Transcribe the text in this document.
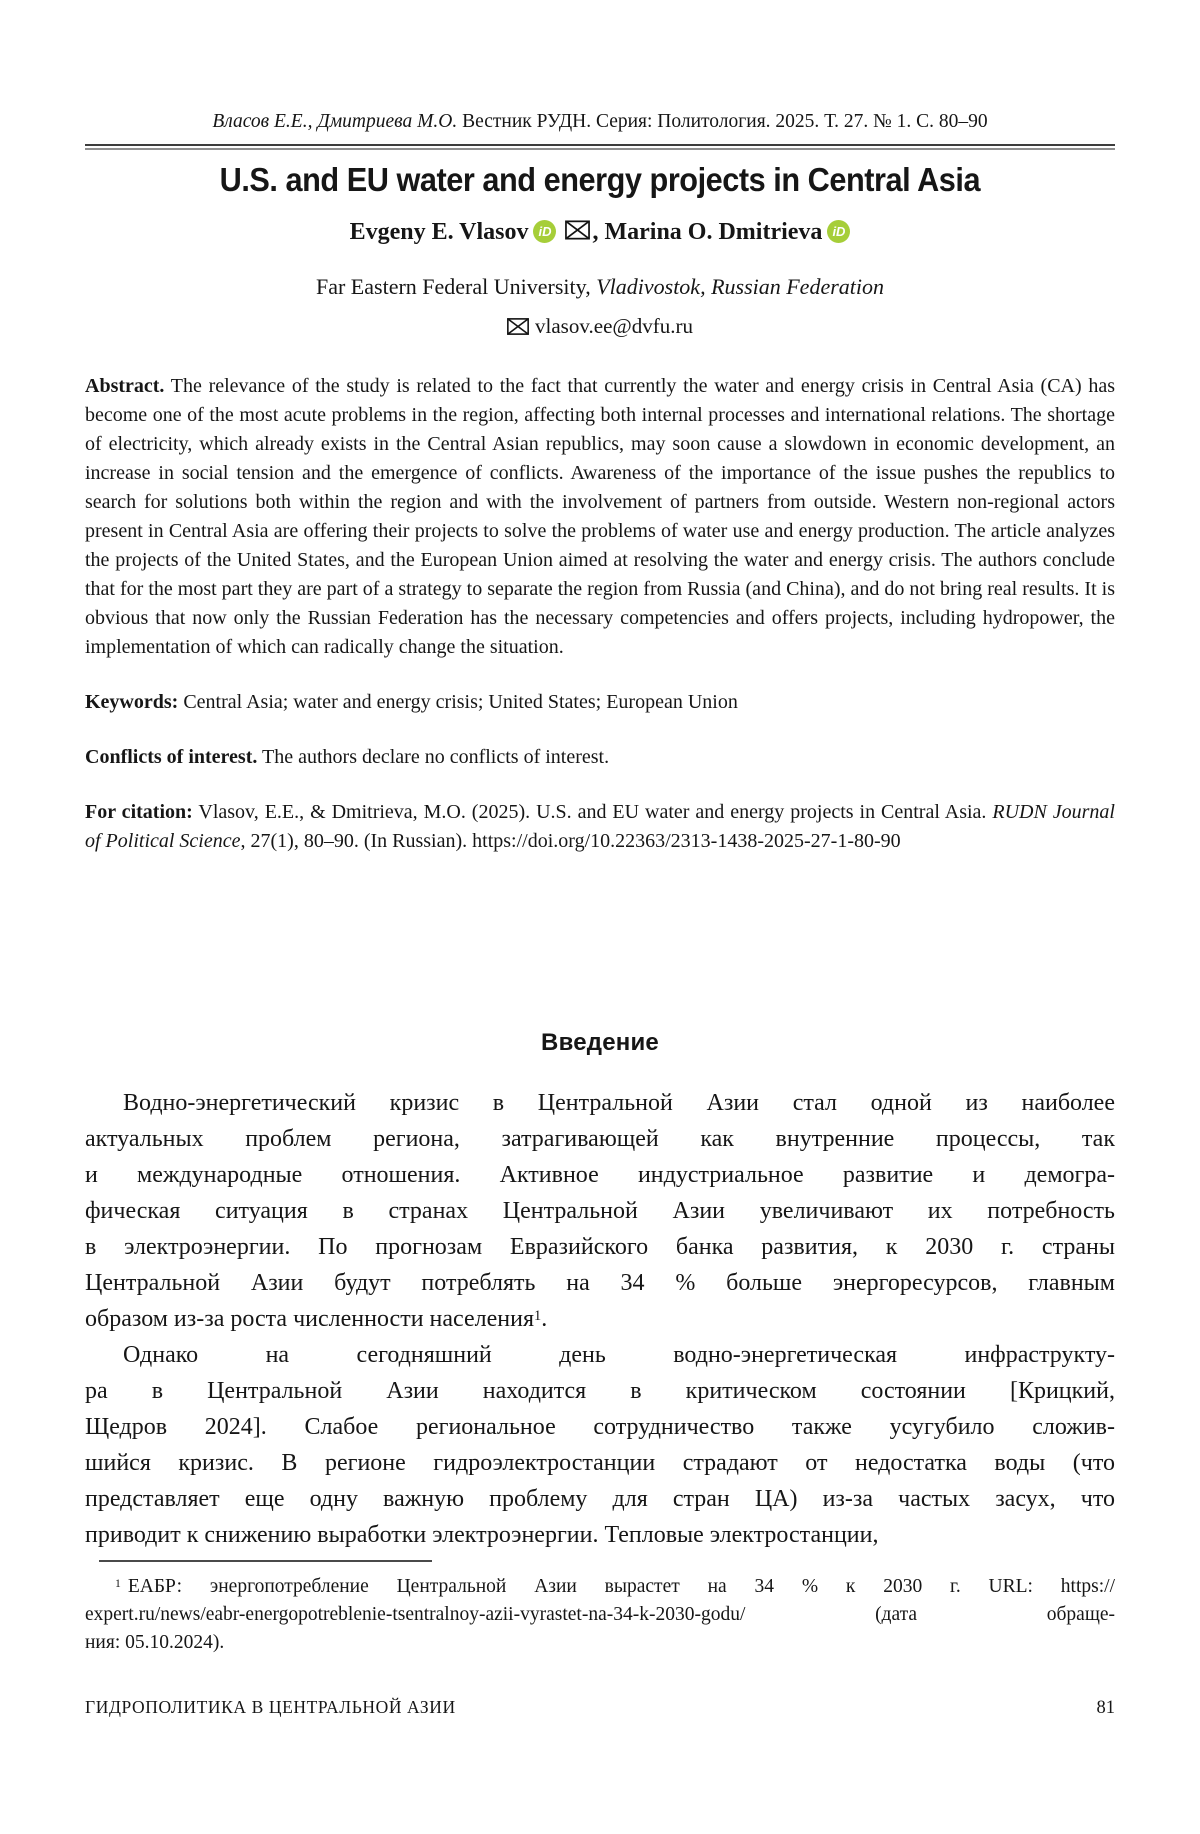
Власов Е.Е., Дмитриева М.О. Вестник РУДН. Серия: Политология. 2025. Т. 27. № 1. С. 80–90
U.S. and EU water and energy projects in Central Asia
Evgeny E. Vlasov iD , Marina O. Dmitrieva iD
Far Eastern Federal University, Vladivostok, Russian Federation
vlasov.ee@dvfu.ru
Abstract. The relevance of the study is related to the fact that currently the water and energy crisis in Central Asia (CA) has become one of the most acute problems in the region, affecting both internal processes and international relations. The shortage of electricity, which already exists in the Central Asian republics, may soon cause a slowdown in economic development, an increase in social tension and the emergence of conflicts. Awareness of the importance of the issue pushes the republics to search for solutions both within the region and with the involvement of partners from outside. Western non-regional actors present in Central Asia are offering their projects to solve the problems of water use and energy production. The article analyzes the projects of the United States, and the European Union aimed at resolving the water and energy crisis. The authors conclude that for the most part they are part of a strategy to separate the region from Russia (and China), and do not bring real results. It is obvious that now only the Russian Federation has the necessary competencies and offers projects, including hydropower, the implementation of which can radically change the situation.
Keywords: Central Asia; water and energy crisis; United States; European Union
Conflicts of interest. The authors declare no conflicts of interest.
For citation: Vlasov, E.E., & Dmitrieva, M.O. (2025). U.S. and EU water and energy projects in Central Asia. RUDN Journal of Political Science, 27(1), 80–90. (In Russian). https://doi.org/10.22363/2313-1438-2025-27-1-80-90
Введение
Водно-энергетический кризис в Центральной Азии стал одной из наиболее
актуальных проблем региона, затрагивающей как внутренние процессы, так
и международные отношения. Активное индустриальное развитие и демогра-
фическая ситуация в странах Центральной Азии увеличивают их потребность
в электроэнергии. По прогнозам Евразийского банка развития, к 2030 г. страны
Центральной Азии будут потреблять на 34 % больше энергоресурсов, главным
образом из-за роста численности населения$^1$.
Однако на сегодняшний день водно-энергетическая инфраструкту-
ра в Центральной Азии находится в критическом состоянии [Крицкий,
Щедров 2024]. Слабое региональное сотрудничество также усугубило сложив-
шийся кризис. В регионе гидроэлектростанции страдают от недостатка воды (что
представляет еще одну важную проблему для стран ЦА) из-за частых засух, что
приводит к снижению выработки электроэнергии. Тепловые электростанции,
$^1$ ЕАБР: энергопотребление Центральной Азии вырастет на 34 % к 2030 г. URL: https://
expert.ru/news/eabr-energopotreblenie-tsentralnoy-azii-vyrastet-na-34-k-2030-godu/ (дата обраще-
ния: 05.10.2024).
ГИДРОПОЛИТИКА В ЦЕНТРАЛЬНОЙ АЗИИ	81
